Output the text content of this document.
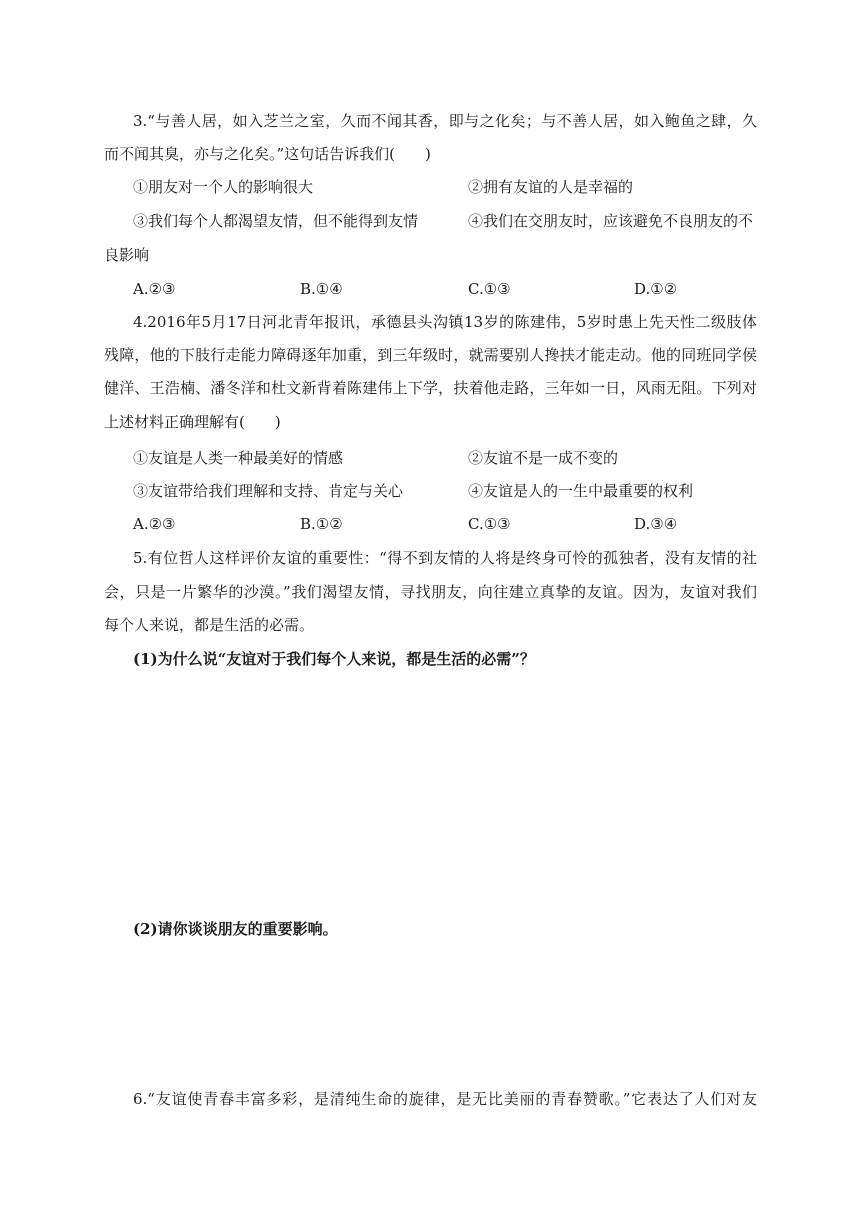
3.“与善人居，如入芝兰之室，久而不闻其香，即与之化矣；与不善人居，如入鲍鱼之肆，久
而不闻其臭，亦与之化矣。”这句话告诉我们(　　)
①朋友对一个人的影响很大	②拥有友谊的人是幸福的
③我们每个人都渴望友情，但不能得到友情	④我们在交朋友时，应该避免不良朋友的不
良影响
A.②③	B.①④	C.①③	D.①②
4.2016年5月17日河北青年报讯，承德县头沟镇13岁的陈建伟，5岁时患上先天性二级肢体
残障，他的下肢行走能力障碍逐年加重，到三年级时，就需要别人搀扶才能走动。他的同班同学侯
健洋、王浩楠、潘冬洋和杜文新背着陈建伟上下学，扶着他走路，三年如一日，风雨无阻。下列对
上述材料正确理解有(　　)
①友谊是人类一种最美好的情感	②友谊不是一成不变的
③友谊带给我们理解和支持、肯定与关心	④友谊是人的一生中最重要的权利
A.②③	B.①②	C.①③	D.③④
5.有位哲人这样评价友谊的重要性：“得不到友情的人将是终身可怜的孤独者，没有友情的社
会，只是一片繁华的沙漠。”我们渴望友情，寻找朋友，向往建立真挚的友谊。因为，友谊对我们
每个人来说，都是生活的必需。
(1)为什么说“友谊对于我们每个人来说，都是生活的必需”？
(2)请你谈谈朋友的重要影响。
6.“友谊使青春丰富多彩，是清纯生命的旋律，是无比美丽的青春赞歌。”它表达了人们对友
